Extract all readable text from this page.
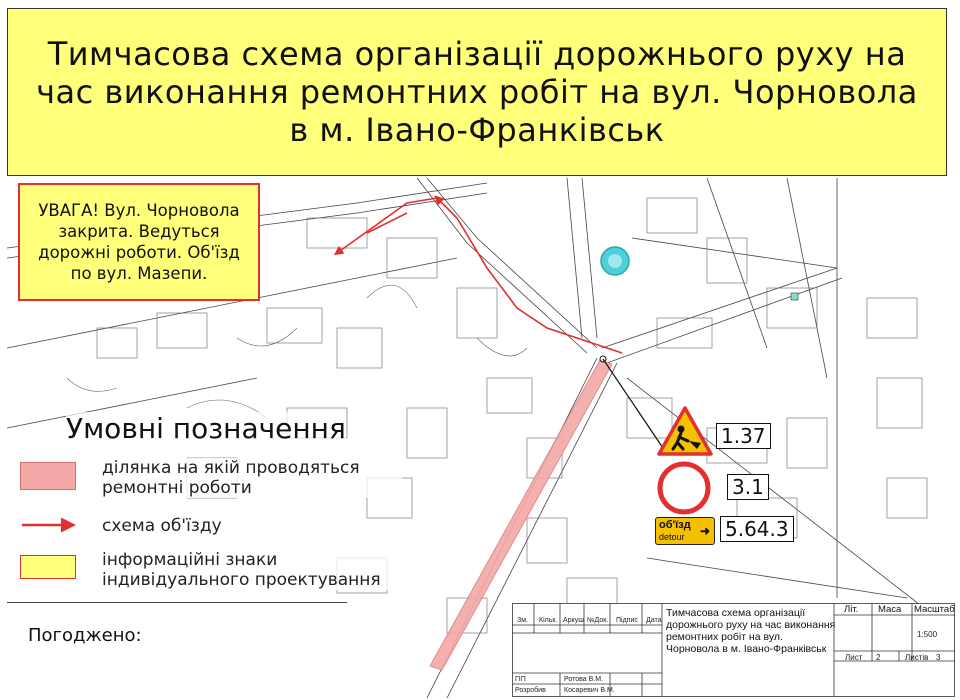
Тимчасова схема організації дорожнього руху на час виконання ремонтних робіт на вул. Чорновола в м. Івано-Франківськ
УВАГА! Вул. Чорновола закрита. Ведуться дорожні роботи. Об'їзд по вул. Мазепи.
Умовні позначення
ділянка на якій проводяться ремонтні роботи
схема об'їзду
інформаційні знаки індивідуального проектування
1.37
3.1
об'їзд
detour	➜ 5.64.3
Погоджено:
Зм. Кільк. Аркуш №Док. Підпис Дата
ГІП	Ротова В.М.
Розробив	Косаревич В.М.
Літ. Маса Масштаб
1:500
Лист 2	Листів 3
Тимчасова схема організації дорожнього руху на час виконання ремонтних робіт на вул. Чорновола в м. Івано-Франківськ
